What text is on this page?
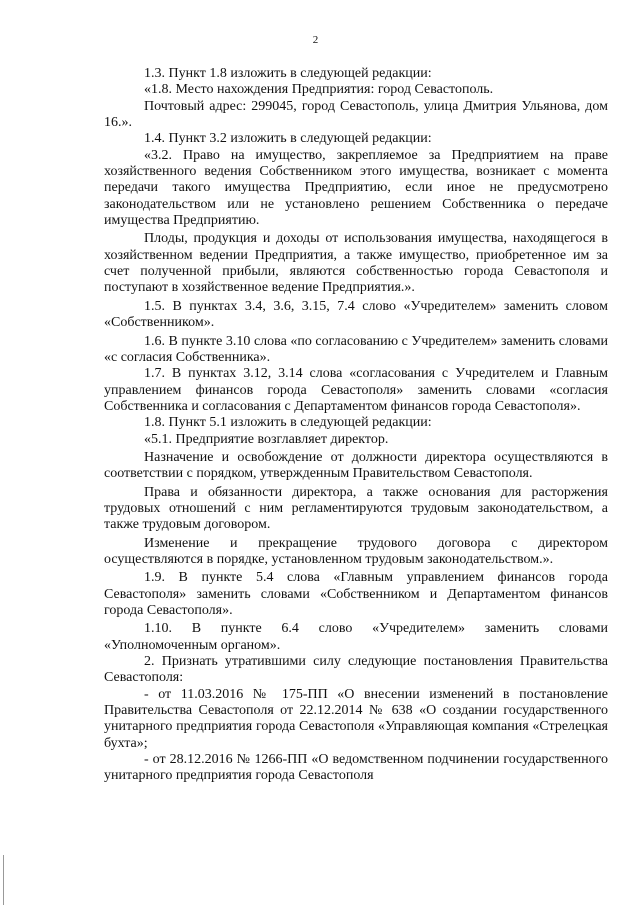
2

1.3. Пункт 1.8 изложить в следующей редакции:

«1.8. Место нахождения Предприятия: город Севастополь.

Почтовый адрес: 299045, город Севастополь, улица Дмитрия Ульянова, дом 16.».

1.4. Пункт 3.2 изложить в следующей редакции:

«3.2. Право на имущество, закрепляемое за Предприятием на праве хозяйственного ведения Собственником этого имущества, возникает с момента передачи такого имущества Предприятию, если иное не предусмотрено законодательством или не установлено решением Собственника о передаче имущества Предприятию.

Плоды, продукция и доходы от использования имущества, находящегося в хозяйственном ведении Предприятия, а также имущество, приобретенное им за счет полученной прибыли, являются собственностью города Севастополя и поступают в хозяйственное ведение Предприятия.».

1.5. В пунктах 3.4, 3.6, 3.15, 7.4 слово «Учредителем» заменить словом «Собственником».

1.6. В пункте 3.10 слова «по согласованию с Учредителем» заменить словами «с согласия Собственника».

1.7. В пунктах 3.12, 3.14 слова «согласования с Учредителем и Главным управлением финансов города Севастополя» заменить словами «согласия Собственника и согласования с Департаментом финансов города Севастополя».

1.8. Пункт 5.1 изложить в следующей редакции:

«5.1. Предприятие возглавляет директор.

Назначение и освобождение от должности директора осуществляются в соответствии с порядком, утвержденным Правительством Севастополя.

Права и обязанности директора, а также основания для расторжения трудовых отношений с ним регламентируются трудовым законодательством, а также трудовым договором.

Изменение и прекращение трудового договора с директором осуществляются в порядке, установленном трудовым законодательством.».

1.9. В пункте 5.4 слова «Главным управлением финансов города Севастополя» заменить словами «Собственником и Департаментом финансов города Севастополя».

1.10. В пункте 6.4 слово «Учредителем» заменить словами «Уполномоченным органом».

2. Признать утратившими силу следующие постановления Правительства Севастополя:

- от 11.03.2016 № 175-ПП «О внесении изменений в постановление Правительства Севастополя от 22.12.2014 № 638 «О создании государственного унитарного предприятия города Севастополя «Управляющая компания «Стрелецкая бухта»;

- от 28.12.2016 № 1266-ПП «О ведомственном подчинении государственного унитарного предприятия города Севастополя
